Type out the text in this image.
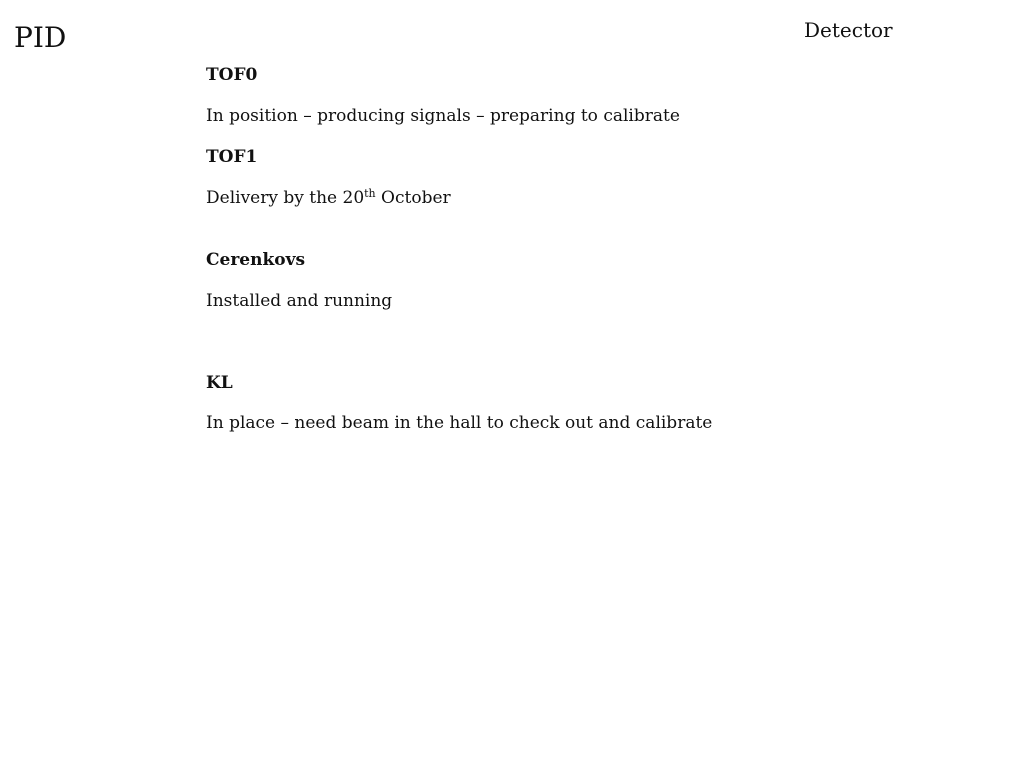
PID	Detector
TOF0
In position – producing signals – preparing to calibrate
TOF1
Delivery by the 20th October
Cerenkovs
Installed and running
KL
In place – need beam in the hall to check out and calibrate
